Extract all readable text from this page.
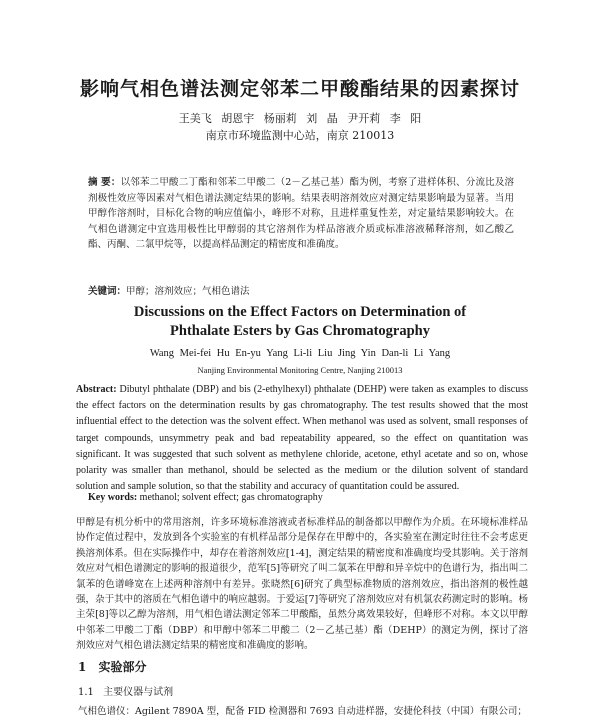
影响气相色谱法测定邻苯二甲酸酯结果的因素探讨
王美飞 胡恩宇 杨丽莉 刘 晶 尹开莉 李 阳
南京市环境监测中心站，南京 210013
摘 要：以邻苯二甲酸二丁酯和邻苯二甲酸二（2－乙基己基）酯为例，考察了进样体积、分流比及溶剂极性效应等因素对气相色谱法测定结果的影响。结果表明溶剂效应对测定结果影响最为显著。当用甲醇作溶剂时，目标化合物的响应值偏小，峰形不对称，且进样重复性差，对定量结果影响较大。在气相色谱测定中宜选用极性比甲醇弱的其它溶剂作为样品溶液介质或标准溶液稀释溶剂，如乙酸乙酯、丙酮、二氯甲烷等，以提高样品测定的精密度和准确度。
关键词：甲醇；溶剂效应；气相色谱法
Discussions on the Effect Factors on Determination of
Phthalate Esters by Gas Chromatography
Wang Mei-fei Hu En-yu Yang Li-li Liu Jing Yin Dan-li Li Yang
Nanjing Environmental Monitoring Centre, Nanjing 210013
Abstract: Dibutyl phthalate (DBP) and bis (2-ethylhexyl) phthalate (DEHP) were taken as examples to discuss the effect factors on the determination results by gas chromatography. The test results showed that the most influential effect to the detection was the solvent effect. When methanol was used as solvent, small responses of target compounds, unsymmetry peak and bad repeatability appeared, so the effect on quantitation was significant. It was suggested that such solvent as methylene chloride, acetone, ethyl acetate and so on, whose polarity was smaller than methanol, should be selected as the medium or the dilution solvent of standard solution and sample solution, so that the stability and accuracy of quantitation could be assured.
Key words: methanol; solvent effect; gas chromatography
甲醇是有机分析中的常用溶剂，许多环境标准溶液或者标准样品的制备都以甲醇作为介质。在环境标准样品协作定值过程中，发放到各个实验室的有机样品部分是保存在甲醇中的，各实验室在测定时往往不会考虑更换溶剂体系。但在实际操作中，却存在着溶剂效应[1-4]，测定结果的精密度和准确度均受其影响。关于溶剂效应对气相色谱测定的影响的报道很少，范军[5]等研究了叫二氯苯在甲醇和异辛烷中的色谱行为，指出叫二氯苯的色谱峰宽在上述两种溶剂中有差异。张晓然[6]研究了典型标准物质的溶剂效应，指出溶剂的极性越强，杂于其中的溶质在气相色谱中的响应越弱。于爱运[7]等研究了溶剂效应对有机氯农药测定时的影响。杨主荣[8]等以乙醇为溶剂，用气相色谱法测定邻苯二甲酸酯，虽然分离效果较好，但峰形不对称。本文以甲醇中邻苯二甲酸二丁酯（DBP）和甲醇中邻苯二甲酸二（2－乙基己基）酯（DEHP）的测定为例，探讨了溶剂效应对气相色谱法测定结果的精密度和准确度的影响。
1 实验部分
1.1 主要仪器与试剂
气相色谱仪：Agilent 7890A 型，配备 FID 检测器和 7693 自动进样器，安捷伦科技（中国）有限公司；
